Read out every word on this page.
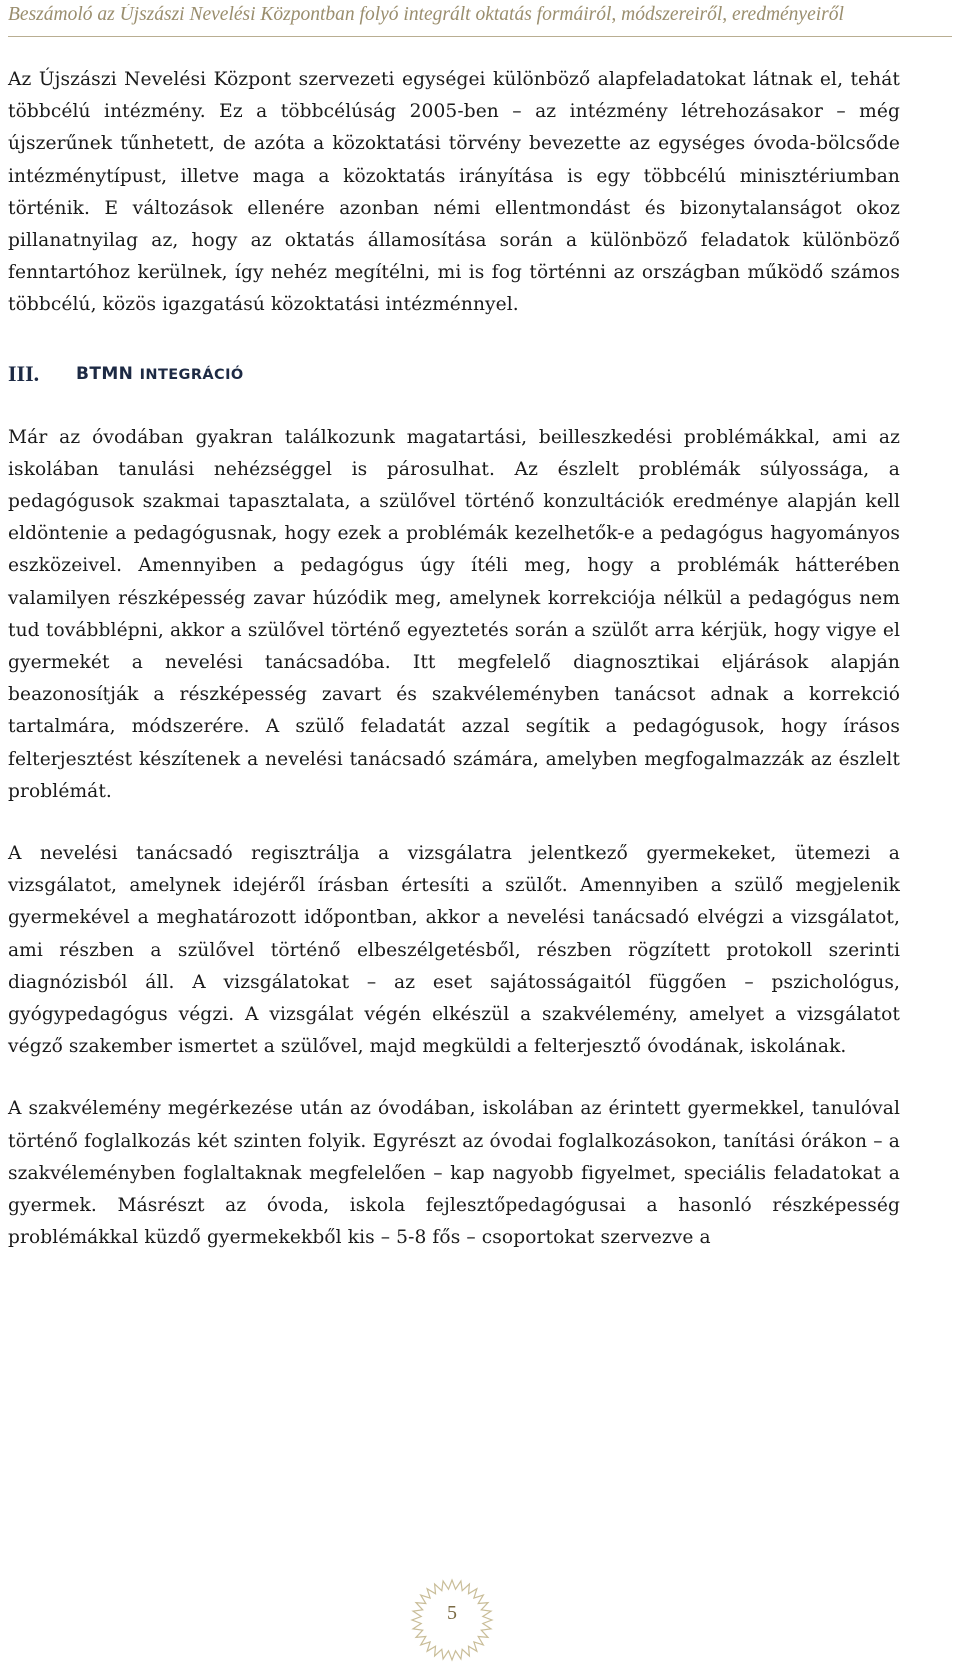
Beszámoló az Újszászi Nevelési Központban folyó integrált oktatás formáiról, módszereiről, eredményeiről

Az Újszászi Nevelési Központ szervezeti egységei különböző alapfeladatokat látnak el, tehát többcélú intézmény. Ez a többcélúság 2005-ben – az intézmény létrehozásakor – még újszerűnek tűnhetett, de azóta a közoktatási törvény bevezette az egységes óvoda-bölcsőde intézménytípust, illetve maga a közoktatás irányítása is egy többcélú minisztériumban történik. E változások ellenére azonban némi ellentmondást és bizonytalanságot okoz pillanatnyilag az, hogy az oktatás államosítása során a különböző feladatok különböző fenntartóhoz kerülnek, így nehéz megítélni, mi is fog történni az országban működő számos többcélú, közös igazgatású közoktatási intézménnyel.

III.	BTMN INTEGRÁCIÓ

Már az óvodában gyakran találkozunk magatartási, beilleszkedési problémákkal, ami az iskolában tanulási nehézséggel is párosulhat. Az észlelt problémák súlyossága, a pedagógusok szakmai tapasztalata, a szülővel történő konzultációk eredménye alapján kell eldöntenie a pedagógusnak, hogy ezek a problémák kezelhetők-e a pedagógus hagyományos eszközeivel. Amennyiben a pedagógus úgy ítéli meg, hogy a problémák hátterében valamilyen részképesség zavar húzódik meg, amelynek korrekciója nélkül a pedagógus nem tud továbblépni, akkor a szülővel történő egyeztetés során a szülőt arra kérjük, hogy vigye el gyermekét a nevelési tanácsadóba. Itt megfelelő diagnosztikai eljárások alapján beazonosítják a részképesség zavart és szakvéleményben tanácsot adnak a korrekció tartalmára, módszerére. A szülő feladatát azzal segítik a pedagógusok, hogy írásos felterjesztést készítenek a nevelési tanácsadó számára, amelyben megfogalmazzák az észlelt problémát.

A nevelési tanácsadó regisztrálja a vizsgálatra jelentkező gyermekeket, ütemezi a vizsgálatot, amelynek idejéről írásban értesíti a szülőt. Amennyiben a szülő megjelenik gyermekével a meghatározott időpontban, akkor a nevelési tanácsadó elvégzi a vizsgálatot, ami részben a szülővel történő elbeszélgetésből, részben rögzített protokoll szerinti diagnózisból áll. A vizsgálatokat – az eset sajátosságaitól függően – pszichológus, gyógypedagógus végzi. A vizsgálat végén elkészül a szakvélemény, amelyet a vizsgálatot végző szakember ismertet a szülővel, majd megküldi a felterjesztő óvodának, iskolának.

A szakvélemény megérkezése után az óvodában, iskolában az érintett gyermekkel, tanulóval történő foglalkozás két szinten folyik. Egyrészt az óvodai foglalkozásokon, tanítási órákon – a szakvéleményben foglaltaknak megfelelően – kap nagyobb figyelmet, speciális feladatokat a gyermek. Másrészt az óvoda, iskola fejlesztőpedagógusai a hasonló részképesség problémákkal küzdő gyermekekből kis – 5-8 fős – csoportokat szervezve a

5
